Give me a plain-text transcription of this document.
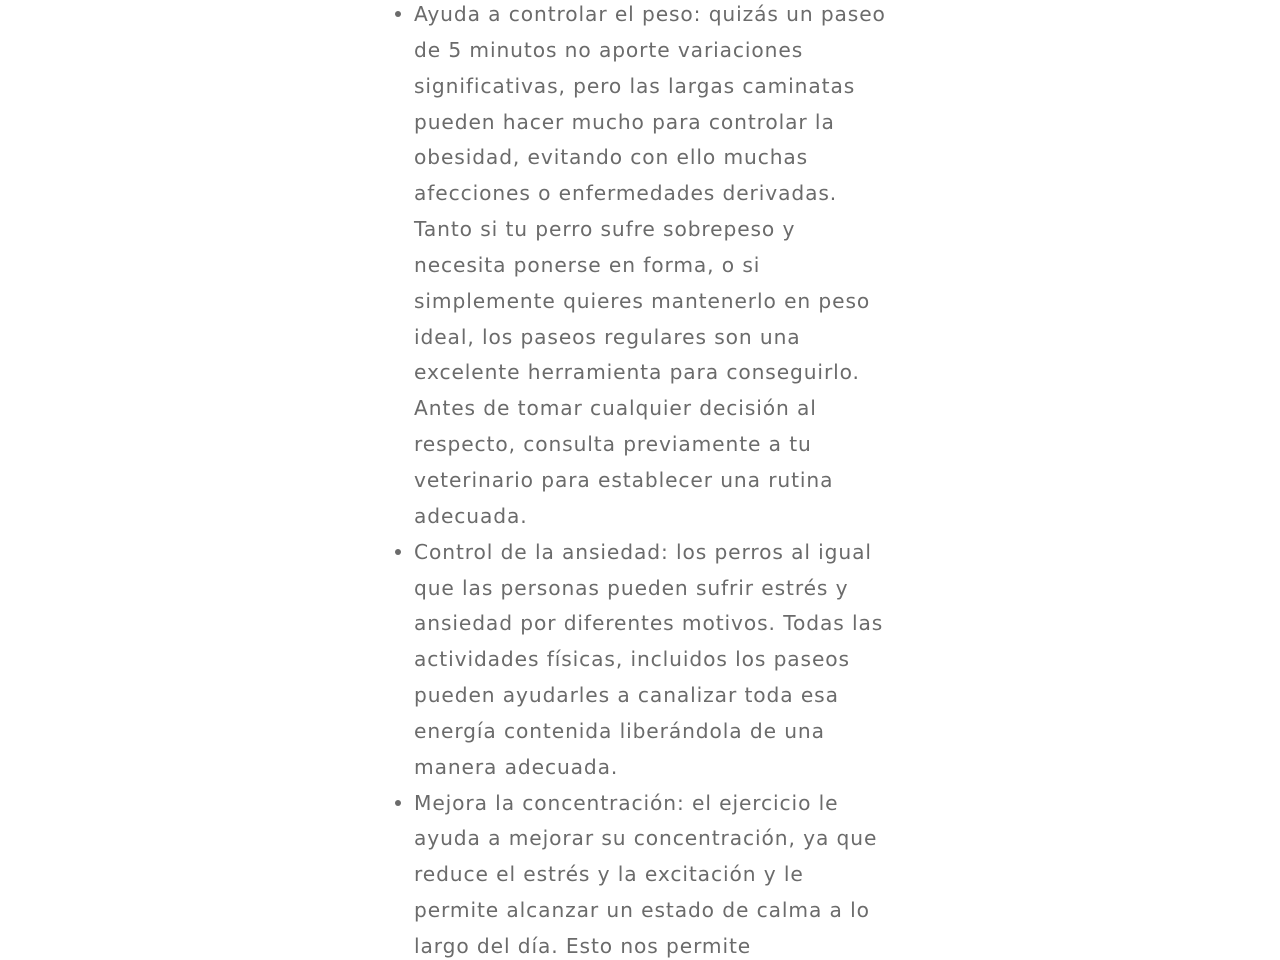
Ayuda a controlar el peso: quizás un paseo de 5 minutos no aporte variaciones significativas, pero las largas caminatas pueden hacer mucho para controlar la obesidad, evitando con ello muchas afecciones o enfermedades derivadas. Tanto si tu perro sufre sobrepeso y necesita ponerse en forma, o si simplemente quieres mantenerlo en peso ideal, los paseos regulares son una excelente herramienta para conseguirlo. Antes de tomar cualquier decisión al respecto, consulta previamente a tu veterinario para establecer una rutina adecuada.
Control de la ansiedad: los perros al igual que las personas pueden sufrir estrés y ansiedad por diferentes motivos. Todas las actividades físicas, incluidos los paseos pueden ayudarles a canalizar toda esa energía contenida liberándola de una manera adecuada.
Mejora la concentración: el ejercicio le ayuda a mejorar su concentración, ya que reduce el estrés y la excitación y le permite alcanzar un estado de calma a lo largo del día. Esto nos permite
